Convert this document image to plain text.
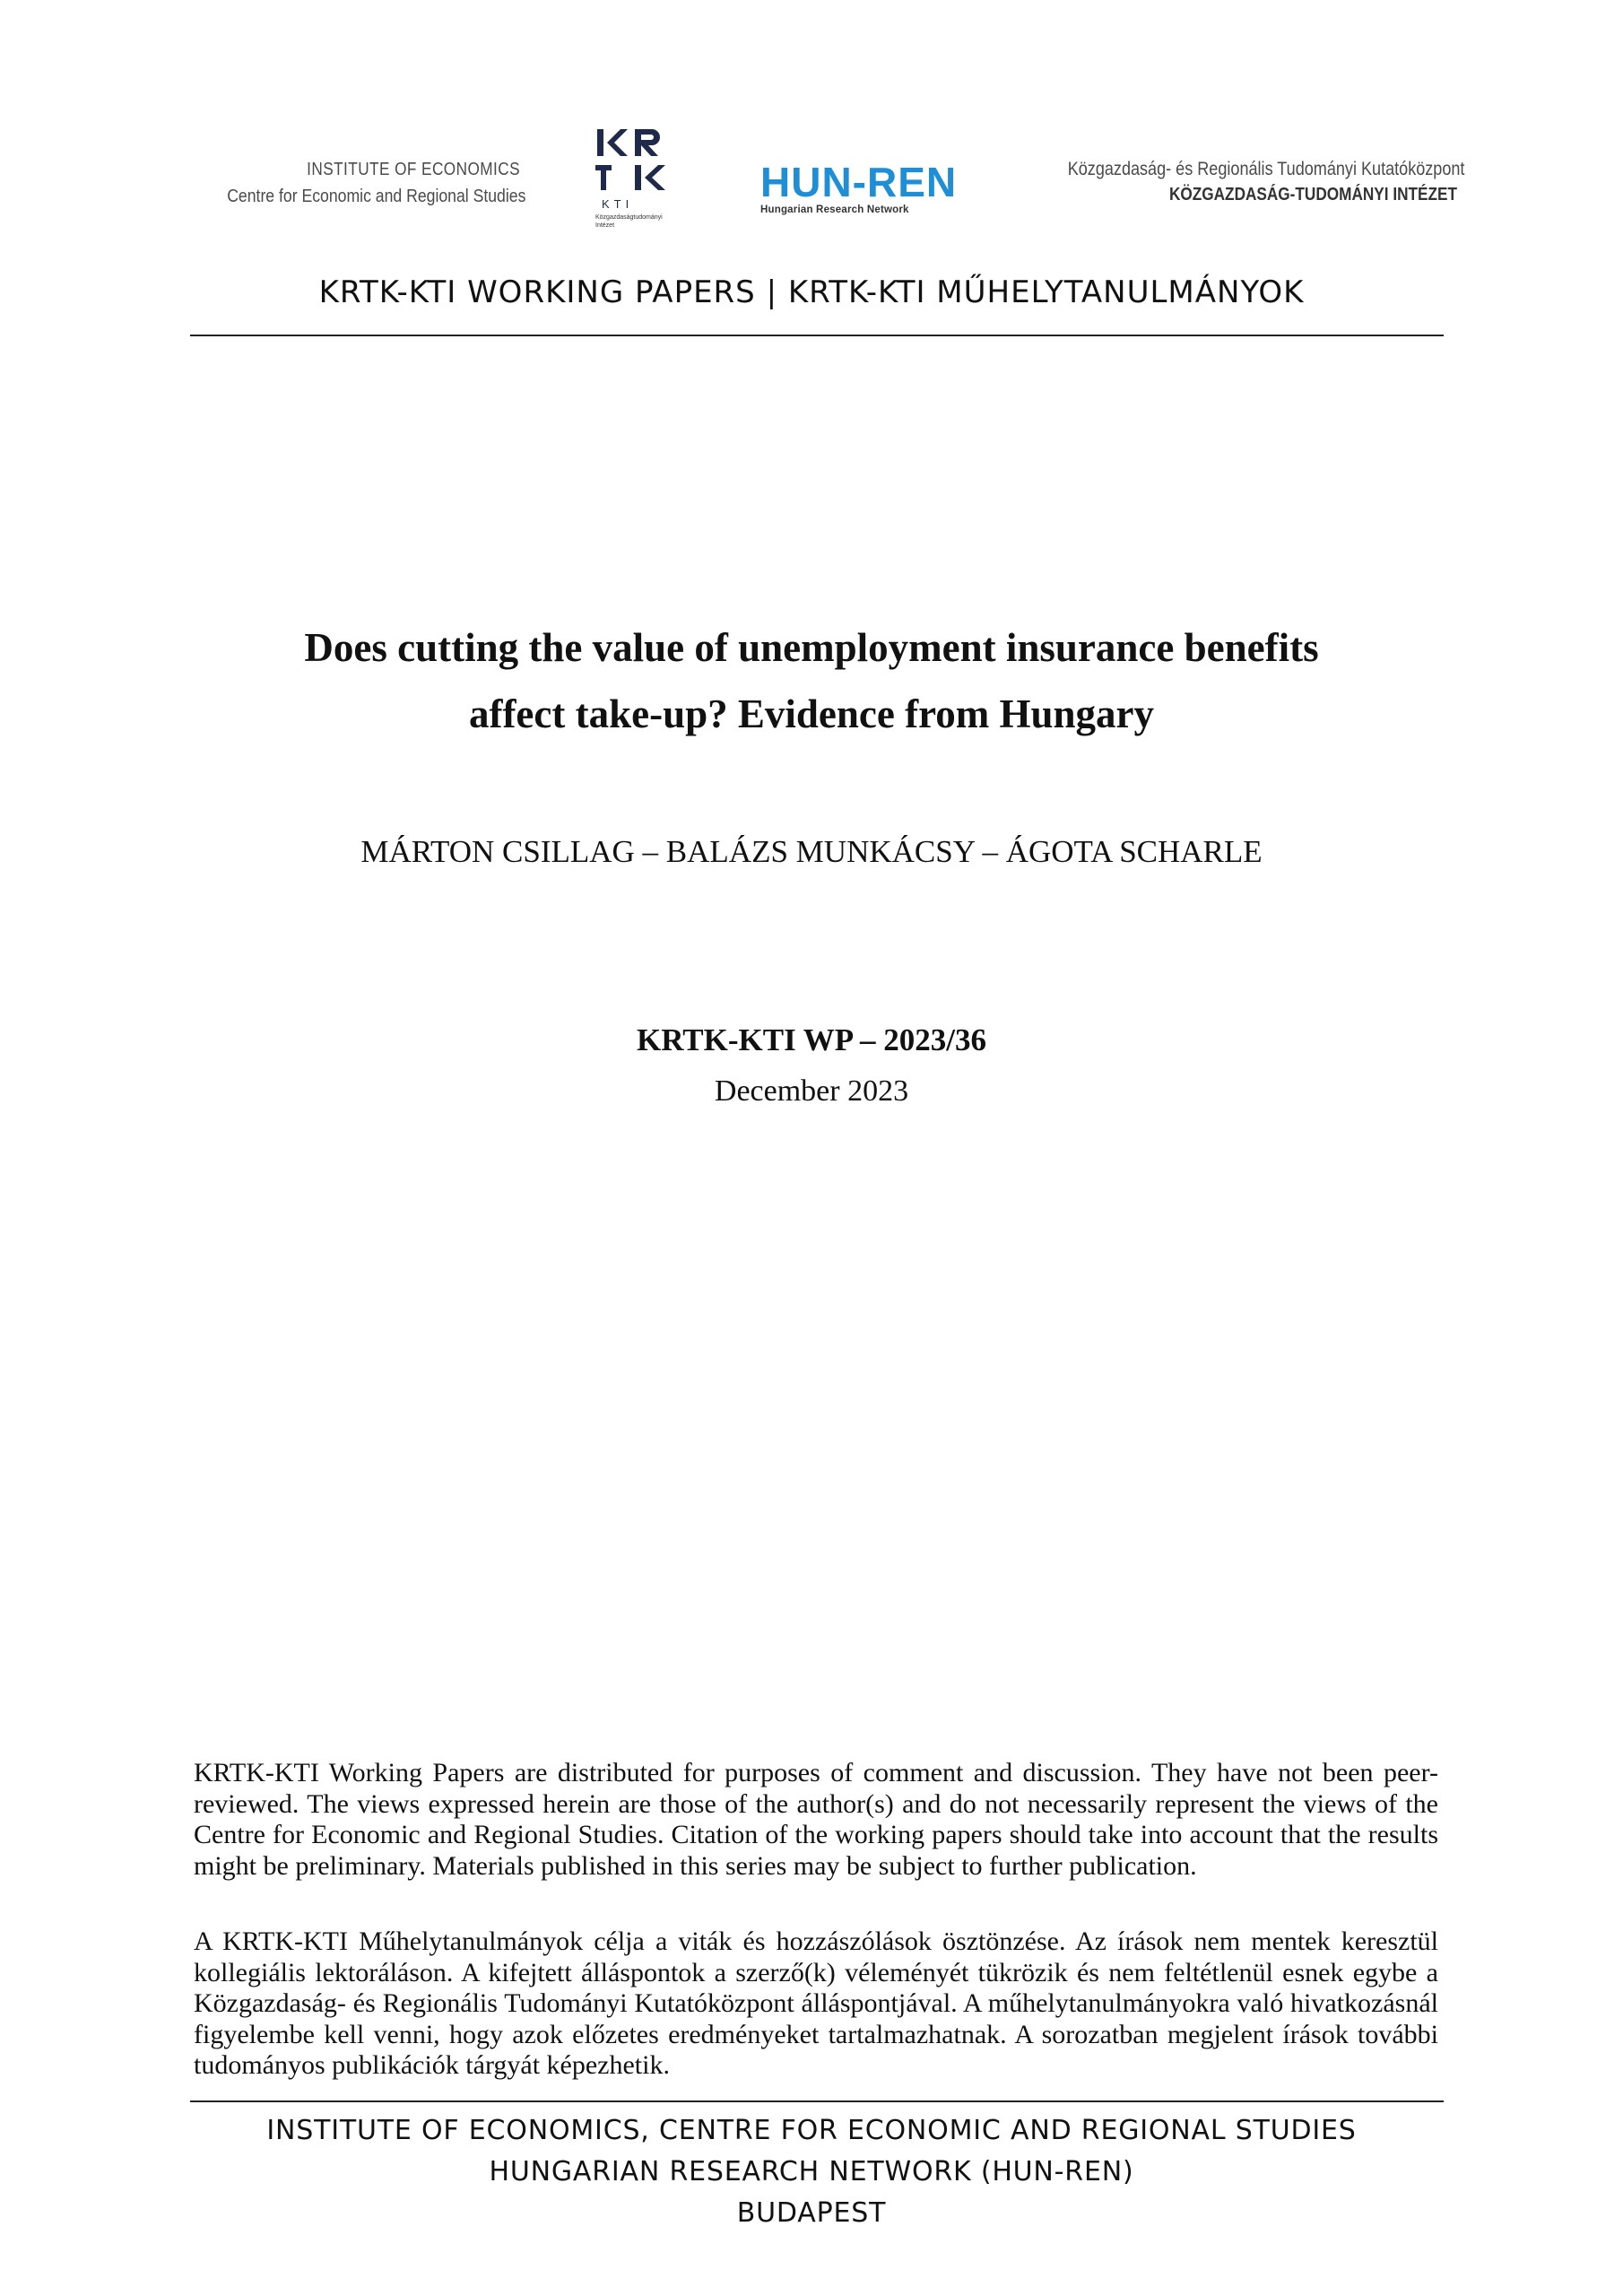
INSTITUTE OF ECONOMICS
Centre for Economic and Regional Studies	KTI
Közgazdaságtudományi Intézet
HUN-REN
Hungarian Research Network
Közgazdaság- és Regionális Tudományi Kutatóközpont
KÖZGAZDASÁG-TUDOMÁNYI INTÉZET
KRTK-KTI WORKING PAPERS | KRTK-KTI MŰHELYTANULMÁNYOK
Does cutting the value of unemployment insurance benefits
affect take-up? Evidence from Hungary
MÁRTON CSILLAG – BALÁZS MUNKÁCSY – ÁGOTA SCHARLE
KRTK-KTI WP – 2023/36
December 2023
KRTK-KTI Working Papers are distributed for purposes of comment and discussion. They have not been peer-reviewed. The views expressed herein are those of the author(s) and do not necessarily represent the views of the Centre for Economic and Regional Studies. Citation of the working papers should take into account that the results might be preliminary. Materials published in this series may be subject to further publication.
A KRTK-KTI Műhelytanulmányok célja a viták és hozzászólások ösztönzése. Az írások nem mentek keresztül kollegiális lektoráláson. A kifejtett álláspontok a szerző(k) véleményét tükrözik és nem feltétlenül esnek egybe a Közgazdaság- és Regionális Tudományi Kutatóközpont álláspontjával. A műhelytanulmányokra való hivatkozásnál figyelembe kell venni, hogy azok előzetes eredményeket tartalmazhatnak. A sorozatban megjelent írások további tudományos publikációk tárgyát képezhetik.
INSTITUTE OF ECONOMICS, CENTRE FOR ECONOMIC AND REGIONAL STUDIES
HUNGARIAN RESEARCH NETWORK (HUN-REN)
BUDAPEST
